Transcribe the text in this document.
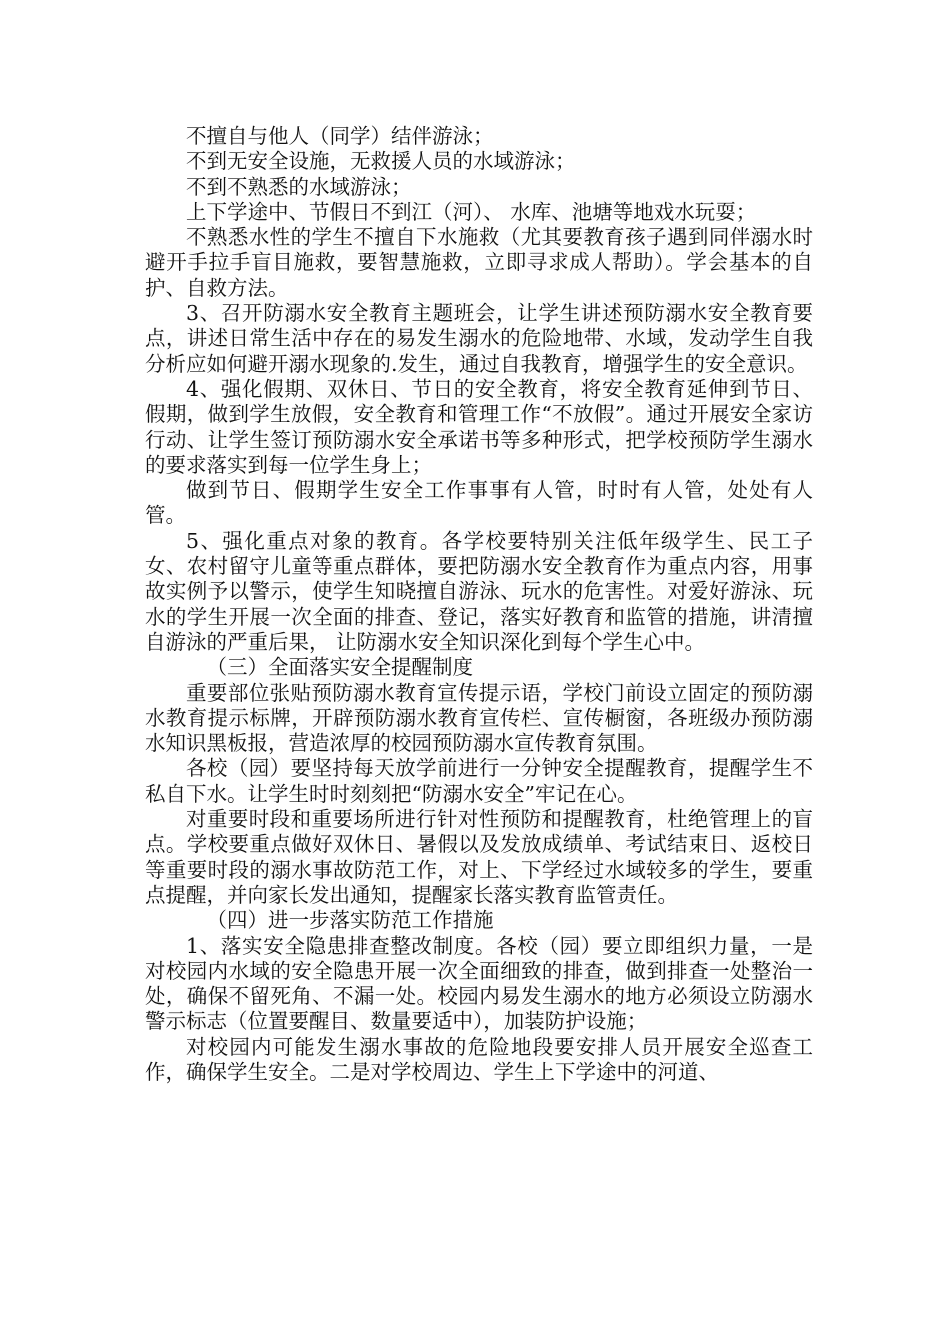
不擅自与他人（同学）结伴游泳；

不到无安全设施，无救援人员的水域游泳；

不到不熟悉的水域游泳；

上下学途中、节假日不到江（河）、 水库、池塘等地戏水玩耍；

不熟悉水性的学生不擅自下水施救（尤其要教育孩子遇到同伴溺水时避开手拉手盲目施救，要智慧施救，立即寻求成人帮助）。学会基本的自护、自救方法。

3、召开防溺水安全教育主题班会，让学生讲述预防溺水安全教育要点，讲述日常生活中存在的易发生溺水的危险地带、水域，发动学生自我分析应如何避开溺水现象的.发生，通过自我教育，增强学生的安全意识。

4、强化假期、双休日、节日的安全教育，将安全教育延伸到节日、假期，做到学生放假，安全教育和管理工作“不放假”。通过开展安全家访行动、让学生签订预防溺水安全承诺书等多种形式，把学校预防学生溺水的要求落实到每一位学生身上；

做到节日、假期学生安全工作事事有人管，时时有人管，处处有人管。

5、强化重点对象的教育。各学校要特别关注低年级学生、民工子女、农村留守儿童等重点群体，要把防溺水安全教育作为重点内容，用事故实例予以警示，使学生知晓擅自游泳、玩水的危害性。对爱好游泳、玩水的学生开展一次全面的排查、登记，落实好教育和监管的措施，讲清擅自游泳的严重后果， 让防溺水安全知识深化到每个学生心中。

（三）全面落实安全提醒制度

重要部位张贴预防溺水教育宣传提示语，学校门前设立固定的预防溺水教育提示标牌，开辟预防溺水教育宣传栏、宣传橱窗，各班级办预防溺水知识黑板报，营造浓厚的校园预防溺水宣传教育氛围。

各校（园）要坚持每天放学前进行一分钟安全提醒教育，提醒学生不私自下水。让学生时时刻刻把“防溺水安全”牢记在心。

对重要时段和重要场所进行针对性预防和提醒教育，杜绝管理上的盲点。学校要重点做好双休日、暑假以及发放成绩单、考试结束日、返校日等重要时段的溺水事故防范工作，对上、下学经过水域较多的学生，要重点提醒，并向家长发出通知，提醒家长落实教育监管责任。

（四）进一步落实防范工作措施

1、落实安全隐患排查整改制度。各校（园）要立即组织力量，一是对校园内水域的安全隐患开展一次全面细致的排查，做到排查一处整治一处，确保不留死角、不漏一处。校园内易发生溺水的地方必须设立防溺水警示标志（位置要醒目、数量要适中），加装防护设施；

对校园内可能发生溺水事故的危险地段要安排人员开展安全巡查工作，确保学生安全。二是对学校周边、学生上下学途中的河道、
